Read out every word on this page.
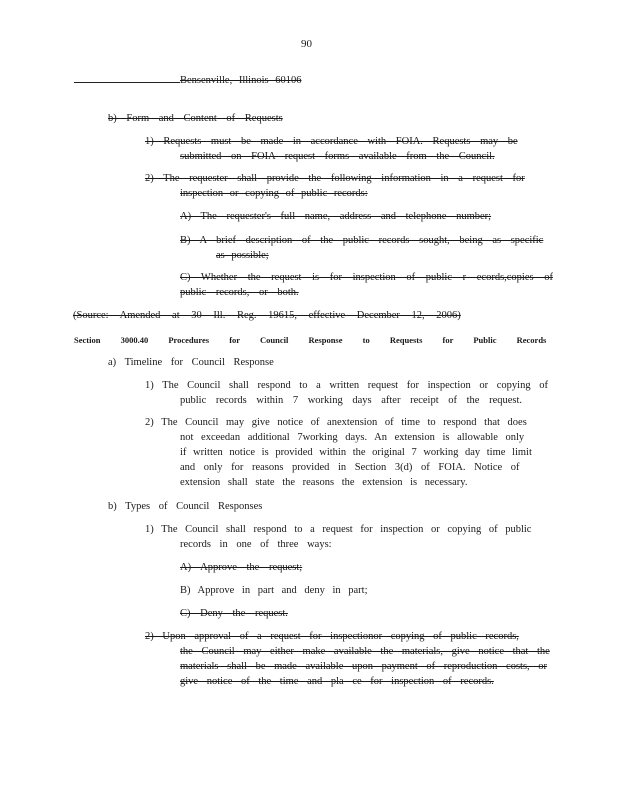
90
Bensenville, Illinois 60106
b) Form and Content of Requests
1) Requests must be made in accordance with FOIA. Requests may be
submitted on FOIA request forms available from the Council.
2) The requester shall provide the following information in a request for
inspection or copying of public records:
A) The requester's full name, address and telephone number;
B) A brief description of the public records sought, being as specific
as possible;
C) Whether the request is for inspection of public r ecords,copies of
public records, or both.
(Source: Amended at 30 Ill. Reg. 19615, effective December 12, 2006)
Section 3000.40 Procedures for Council Response to Requests for Public Records
a) Timeline for Council Response
1) The Council shall respond to a written request for inspection or copying of
public records within 7 working days after receipt of the request.
2) The Council may give notice of anextension of time to respond that does
not exceedan additional 7working days. An extension is allowable only
if written notice is provided within the original 7 working day time limit
and only for reasons provided in Section 3(d) of FOIA. Notice of
extension shall state the reasons the extension is necessary.
b) Types of Council Responses
1) The Council shall respond to a request for inspection or copying of public
records in one of three ways:
A) Approve the request;
B) Approve in part and deny in part;
C) Deny the request.
2) Upon approval of a request for inspectionor copying of public records,
the Council may either make available the materials, give notice that the
materials shall be made available upon payment of reproduction costs, or
give notice of the time and pla ce for inspection of records.
